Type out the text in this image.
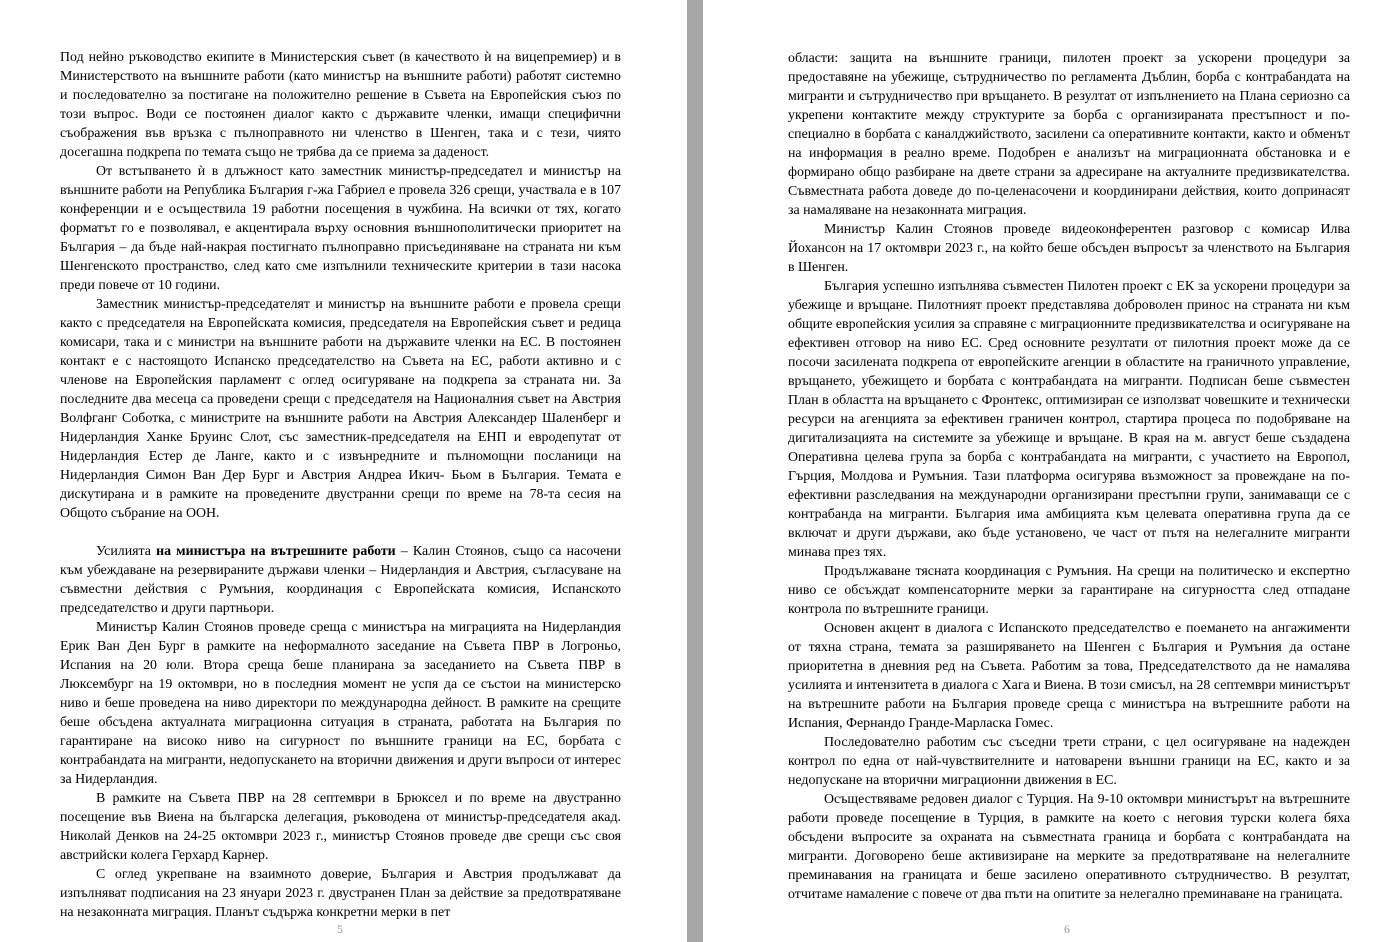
Под нейно ръководство екипите в Министерския съвет (в качеството ѝ на вицепремиер) и в Министерството на външните работи (като министър на външните работи) работят системно и последователно за постигане на положително решение в Съвета на Европейския съюз по този въпрос. Води се постоянен диалог както с държавите членки, имащи специфични съображения във връзка с пълноправното ни членство в Шенген, така и с тези, чиято досегашна подкрепа по темата също не трябва да се приема за даденост.

От встъпването ѝ в длъжност като заместник министър-председател и министър на външните работи на Република България г-жа Габриел е провела 326 срещи, участвала е в 107 конференции и е осъществила 19 работни посещения в чужбина. На всички от тях, когато форматът го е позволявал, е акцентирала върху основния външнополитически приоритет на България – да бъде най-накрая постигнато пълноправно присъединяване на страната ни към Шенгенското пространство, след като сме изпълнили техническите критерии в тази насока преди повече от 10 години.

Заместник министър-председателят и министър на външните работи е провела срещи както с председателя на Европейската комисия, председателя на Европейския съвет и редица комисари, така и с министри на външните работи на държавите членки на ЕС. В постоянен контакт е с настоящото Испанско председателство на Съвета на ЕС, работи активно и с членове на Европейския парламент с оглед осигуряване на подкрепа за страната ни. За последните два месеца са проведени срещи с председателя на Националния съвет на Австрия Волфганг Соботка, с министрите на външните работи на Австрия Александер Шаленберг и Нидерландия Ханке Бруинс Слот, със заместник-председателя на ЕНП и евродепутат от Нидерландия Естер де Ланге, както и с извънредните и пълномощни посланици на Нидерландия Симон Ван Дер Бург и Австрия Андреа Икич- Бьом в България. Темата е дискутирана и в рамките на проведените двустранни срещи по време на 78-та сесия на Общото събрание на ООН.

Усилията на министъра на вътрешните работи – Калин Стоянов, също са насочени към убеждаване на резервираните държави членки – Нидерландия и Австрия, съгласуване на съвместни действия с Румъния, координация с Европейската комисия, Испанското председателство и други партньори.

Министър Калин Стоянов проведе среща с министъра на миграцията на Нидерландия Ерик Ван Ден Бург в рамките на неформалното заседание на Съвета ПВР в Логроньо, Испания на 20 юли. Втора среща беше планирана за заседанието на Съвета ПВР в Люксембург на 19 октомври, но в последния момент не успя да се състои на министерско ниво и беше проведена на ниво директори по международна дейност. В рамките на срещите беше обсъдена актуалната миграционна ситуация в страната, работата на България по гарантиране на високо ниво на сигурност по външните граници на ЕС, борбата с контрабандата на мигранти, недопускането на вторични движения и други въпроси от интерес за Нидерландия.

В рамките на Съвета ПВР на 28 септември в Брюксел и по време на двустранно посещение във Виена на българска делегация, ръководена от министър-председателя акад. Николай Денков на 24-25 октомври 2023 г., министър Стоянов проведе две срещи със своя австрийски колега Герхард Карнер.

С оглед укрепване на взаимното доверие, България и Австрия продължават да изпълняват подписания на 23 януари 2023 г. двустранен План за действие за предотвратяване на незаконната миграция. Планът съдържа конкретни мерки в пет

5

области: защита на външните граници, пилотен проект за ускорени процедури за предоставяне на убежище, сътрудничество по регламента Дъблин, борба с контрабандата на мигранти и сътрудничество при връщането. В резултат от изпълнението на Плана сериозно са укрепени контактите между структурите за борба с организираната престъпност и по-специално в борбата с каналджийството, засилени са оперативните контакти, както и обменът на информация в реално време. Подобрен е анализът на миграционната обстановка и е формирано общо разбиране на двете страни за адресиране на актуалните предизвикателства. Съвместната работа доведе до по-целенасочени и координирани действия, които допринасят за намаляване на незаконната миграция.

Министър Калин Стоянов проведе видеоконферентен разговор с комисар Илва Йохансон на 17 октомври 2023 г., на който беше обсъден въпросът за членството на България в Шенген.

България успешно изпълнява съвместен Пилотен проект с ЕК за ускорени процедури за убежище и връщане. Пилотният проект представлява доброволен принос на страната ни към общите европейския усилия за справяне с миграционните предизвикателства и осигуряване на ефективен отговор на ниво ЕС. Сред основните резултати от пилотния проект може да се посочи засилената подкрепа от европейските агенции в областите на граничното управление, връщането, убежището и борбата с контрабандата на мигранти. Подписан беше съвместен План в областта на връщането с Фронтекс, оптимизиран се използват човешките и технически ресурси на агенцията за ефективен граничен контрол, стартира процеса по подобряване на дигитализацията на системите за убежище и връщане. В края на м. август беше създадена Оперативна целева група за борба с контрабандата на мигранти, с участието на Европол, Гърция, Молдова и Румъния. Тази платформа осигурява възможност за провеждане на по- ефективни разследвания на международни организирани престъпни групи, занимаващи се с контрабанда на мигранти. България има амбицията към целевата оперативна група да се включат и други държави, ако бъде установено, че част от пътя на нелегалните мигранти минава през тях.

Продължаване тясната координация с Румъния. На срещи на политическо и експертно ниво се обсъждат компенсаторните мерки за гарантиране на сигурността след отпадане контрола по вътрешните граници.

Основен акцент в диалога с Испанското председателство е поемането на ангажименти от тяхна страна, темата за разширяването на Шенген с България и Румъния да остане приоритетна в дневния ред на Съвета. Работим за това, Председателството да не намалява усилията и интензитета в диалога с Хага и Виена. В този смисъл, на 28 септември министърът на вътрешните работи на България проведе среща с министъра на вътрешните работи на Испания, Фернандо Гранде-Марласка Гомес.

Последователно работим със съседни трети страни, с цел осигуряване на надежден контрол по една от най-чувствителните и натоварени външни граници на ЕС, както и за недопускане на вторични миграционни движения в ЕС.

Осъществяваме редовен диалог с Турция. На 9-10 октомври министърът на вътрешните работи проведе посещение в Турция, в рамките на което с неговия турски колега бяха обсъдени въпросите за охраната на съвместната граница и борбата с контрабандата на мигранти. Договорено беше активизиране на мерките за предотвратяване на нелегалните преминавания на границата и беше засилено оперативното сътрудничество. В резултат, отчитаме намаление с повече от два пъти на опитите за нелегално преминаване на границата.

6
